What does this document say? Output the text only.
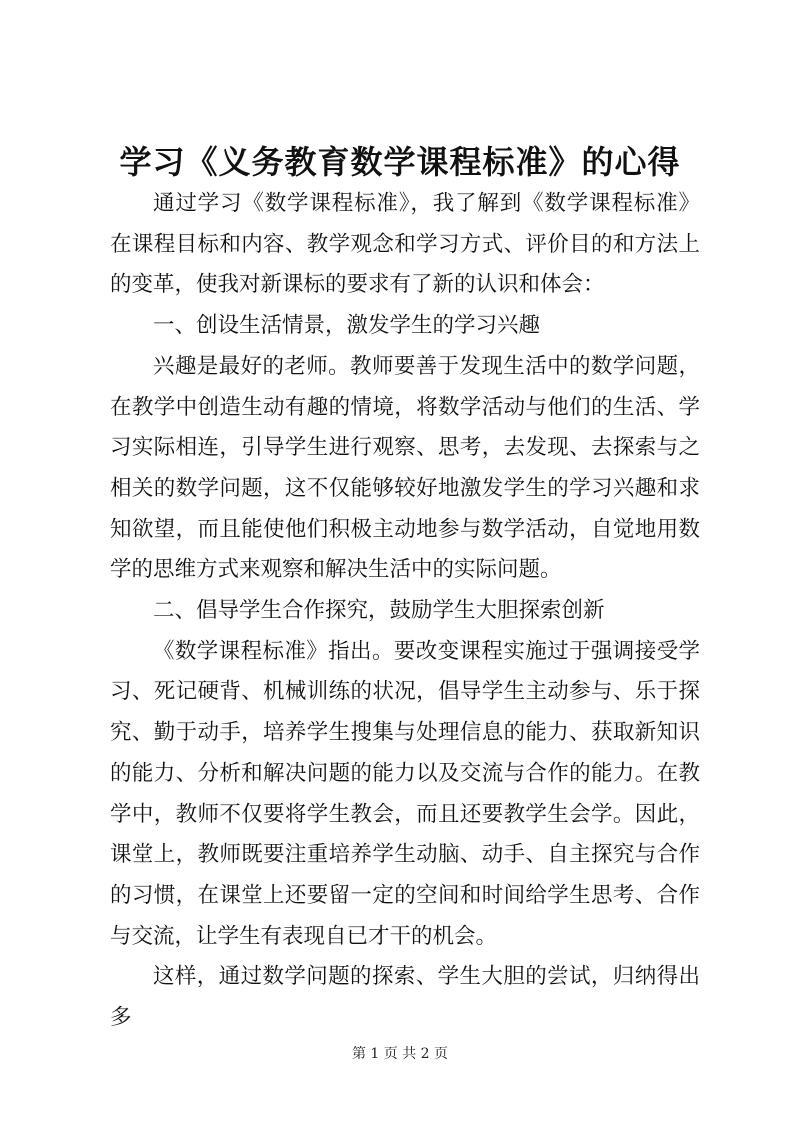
学习《义务教育数学课程标准》的心得

通过学习《数学课程标准》，我了解到《数学课程标准》在课程目标和内容、教学观念和学习方式、评价目的和方法上的变革，使我对新课标的要求有了新的认识和体会：

一、创设生活情景，激发学生的学习兴趣

兴趣是最好的老师。教师要善于发现生活中的数学问题，在教学中创造生动有趣的情境，将数学活动与他们的生活、学习实际相连，引导学生进行观察、思考，去发现、去探索与之相关的数学问题，这不仅能够较好地激发学生的学习兴趣和求知欲望，而且能使他们积极主动地参与数学活动，自觉地用数学的思维方式来观察和解决生活中的实际问题。

二、倡导学生合作探究，鼓励学生大胆探索创新

《数学课程标准》指出。要改变课程实施过于强调接受学习、死记硬背、机械训练的状况，倡导学生主动参与、乐于探究、勤于动手，培养学生搜集与处理信息的能力、获取新知识的能力、分析和解决问题的能力以及交流与合作的能力。在教学中，教师不仅要将学生教会，而且还要教学生会学。因此，课堂上，教师既要注重培养学生动脑、动手、自主探究与合作的习惯，在课堂上还要留一定的空间和时间给学生思考、合作与交流，让学生有表现自已才干的机会。

这样，通过数学问题的探索、学生大胆的尝试，归纳得出多

第 1 页 共 2 页
